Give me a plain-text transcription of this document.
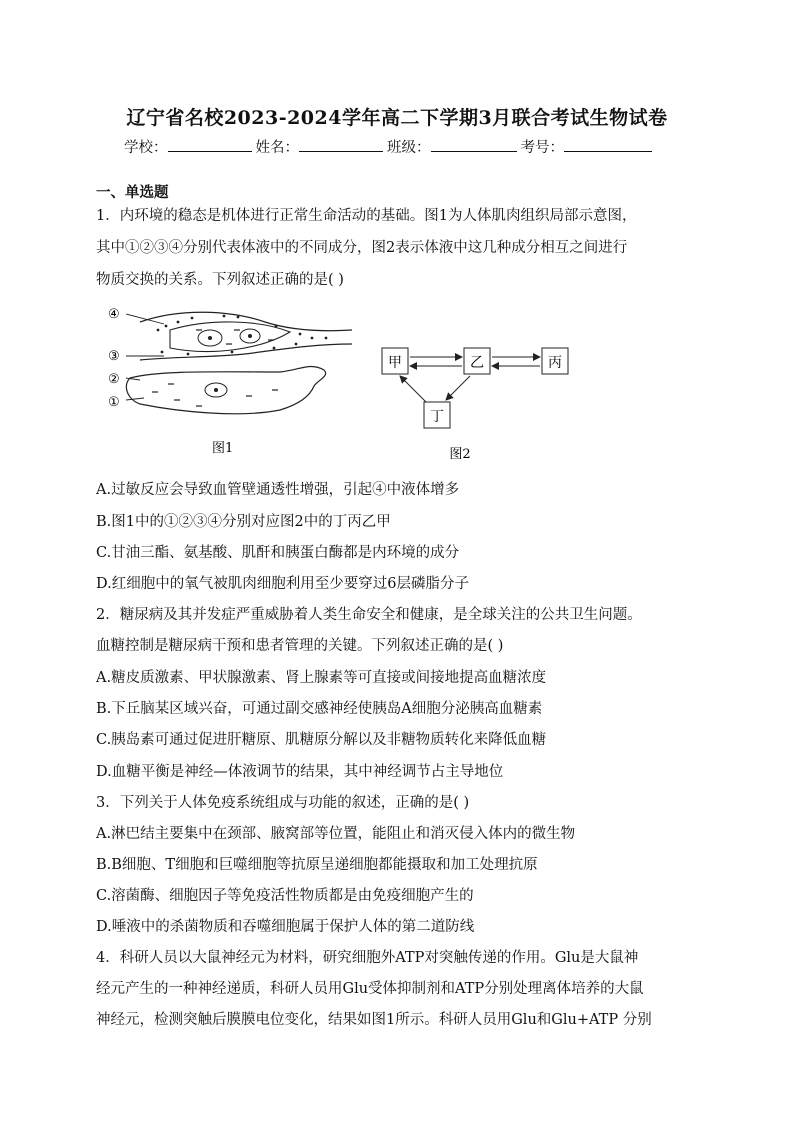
辽宁省名校2023-2024学年高二下学期3月联合考试生物试卷
学校：	姓名：	班级：	考号：
一、单选题
1．内环境的稳态是机体进行正常生命活动的基础。图1为人体肌肉组织局部示意图，
其中①②③④分别代表体液中的不同成分，图2表示体液中这几种成分相互之间进行
物质交换的关系。下列叙述正确的是( )
④
③
②
①
图1
甲	乙	丙
丁
图2
A.过敏反应会导致血管壁通透性增强，引起④中液体增多
B.图1中的①②③④分别对应图2中的丁丙乙甲
C.甘油三酯、氨基酸、肌酐和胰蛋白酶都是内环境的成分
D.红细胞中的氧气被肌肉细胞利用至少要穿过6层磷脂分子
2．糖尿病及其并发症严重威胁着人类生命安全和健康，是全球关注的公共卫生问题。
血糖控制是糖尿病干预和患者管理的关键。下列叙述正确的是( )
A.糖皮质激素、甲状腺激素、肾上腺素等可直接或间接地提高血糖浓度
B.下丘脑某区域兴奋，可通过副交感神经使胰岛A细胞分泌胰高血糖素
C.胰岛素可通过促进肝糖原、肌糖原分解以及非糖物质转化来降低血糖
D.血糖平衡是神经—体液调节的结果，其中神经调节占主导地位
3．下列关于人体免疫系统组成与功能的叙述，正确的是( )
A.淋巴结主要集中在颈部、腋窝部等位置，能阻止和消灭侵入体内的微生物
B.B细胞、T细胞和巨噬细胞等抗原呈递细胞都能摄取和加工处理抗原
C.溶菌酶、细胞因子等免疫活性物质都是由免疫细胞产生的
D.唾液中的杀菌物质和吞噬细胞属于保护人体的第二道防线
4．科研人员以大鼠神经元为材料，研究细胞外ATP对突触传递的作用。Glu是大鼠神
经元产生的一种神经递质，科研人员用Glu受体抑制剂和ATP分别处理离体培养的大鼠
神经元，检测突触后膜膜电位变化，结果如图1所示。科研人员用Glu和Glu+ATP 分别
